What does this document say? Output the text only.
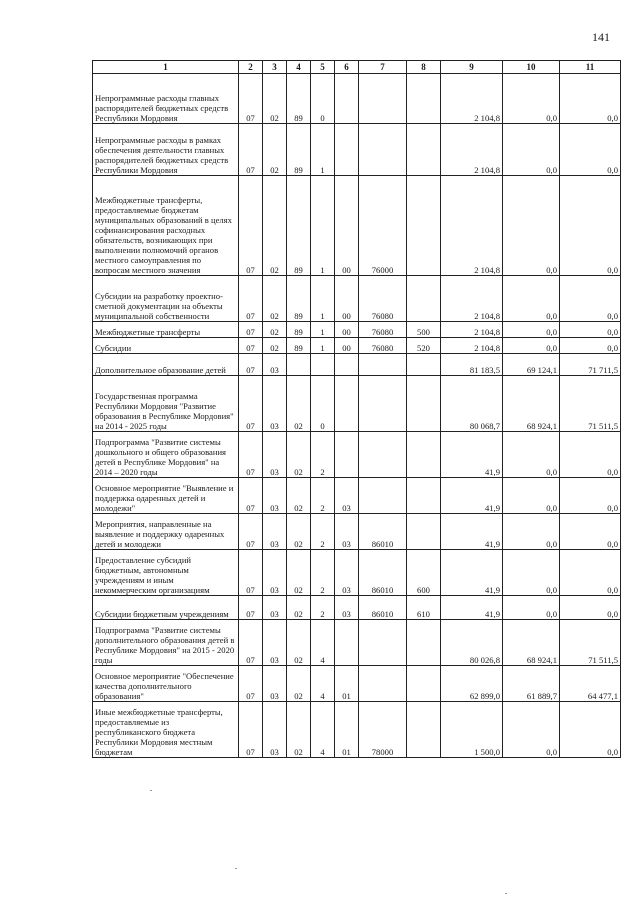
141
1	2	3	4	5	6	7	8	9	10	11
Непрограммные расходы главных распорядителей бюджетных средств Республики Мордовия	07	02	89	0				2 104,8	0,0	0,0
Непрограммные расходы в рамках обеспечения деятельности главных распорядителей бюджетных средств Республики Мордовия	07	02	89	1				2 104,8	0,0	0,0
Межбюджетные трансферты, предоставляемые бюджетам муниципальных образований в целях софинансирования расходных обязательств, возникающих при выполнении полномочий органов местного самоуправления по вопросам местного значения	07	02	89	1	00	76000		2 104,8	0,0	0,0
Субсидии на разработку проектно-сметной документации на объекты муниципальной собственности	07	02	89	1	00	76080		2 104,8	0,0	0,0
Межбюджетные трансферты	07	02	89	1	00	76080	500	2 104,8	0,0	0,0
Субсидии	07	02	89	1	00	76080	520	2 104,8	0,0	0,0
Дополнительное образование детей	07	03						81 183,5	69 124,1	71 711,5
Государственная программа Республики Мордовия "Развитие образования в Республике Мордовия" на 2014 - 2025 годы	07	03	02	0				80 068,7	68 924,1	71 511,5
Подпрограмма "Развитие системы дошкольного и общего образования детей в Республике Мордовия" на 2014 – 2020 годы	07	03	02	2				41,9	0,0	0,0
Основное мероприятие "Выявление и поддержка одаренных детей и молодежи"	07	03	02	2	03			41,9	0,0	0,0
Мероприятия, направленные на выявление и поддержку одаренных детей и молодежи	07	03	02	2	03	86010		41,9	0,0	0,0
Предоставление субсидий бюджетным, автономным учреждениям и иным некоммерческим организациям	07	03	02	2	03	86010	600	41,9	0,0	0,0
Субсидии бюджетным учреждениям	07	03	02	2	03	86010	610	41,9	0,0	0,0
Подпрограмма "Развитие системы дополнительного образования детей в Республике Мордовия" на 2015 - 2020 годы	07	03	02	4				80 026,8	68 924,1	71 511,5
Основное мероприятие "Обеспечение качества дополнительного образования"	07	03	02	4	01			62 899,0	61 889,7	64 477,1
Иные межбюджетные трансферты, предоставляемые из республиканского бюджета Республики Мордовия местным бюджетам	07	03	02	4	01	78000		1 500,0	0,0	0,0
